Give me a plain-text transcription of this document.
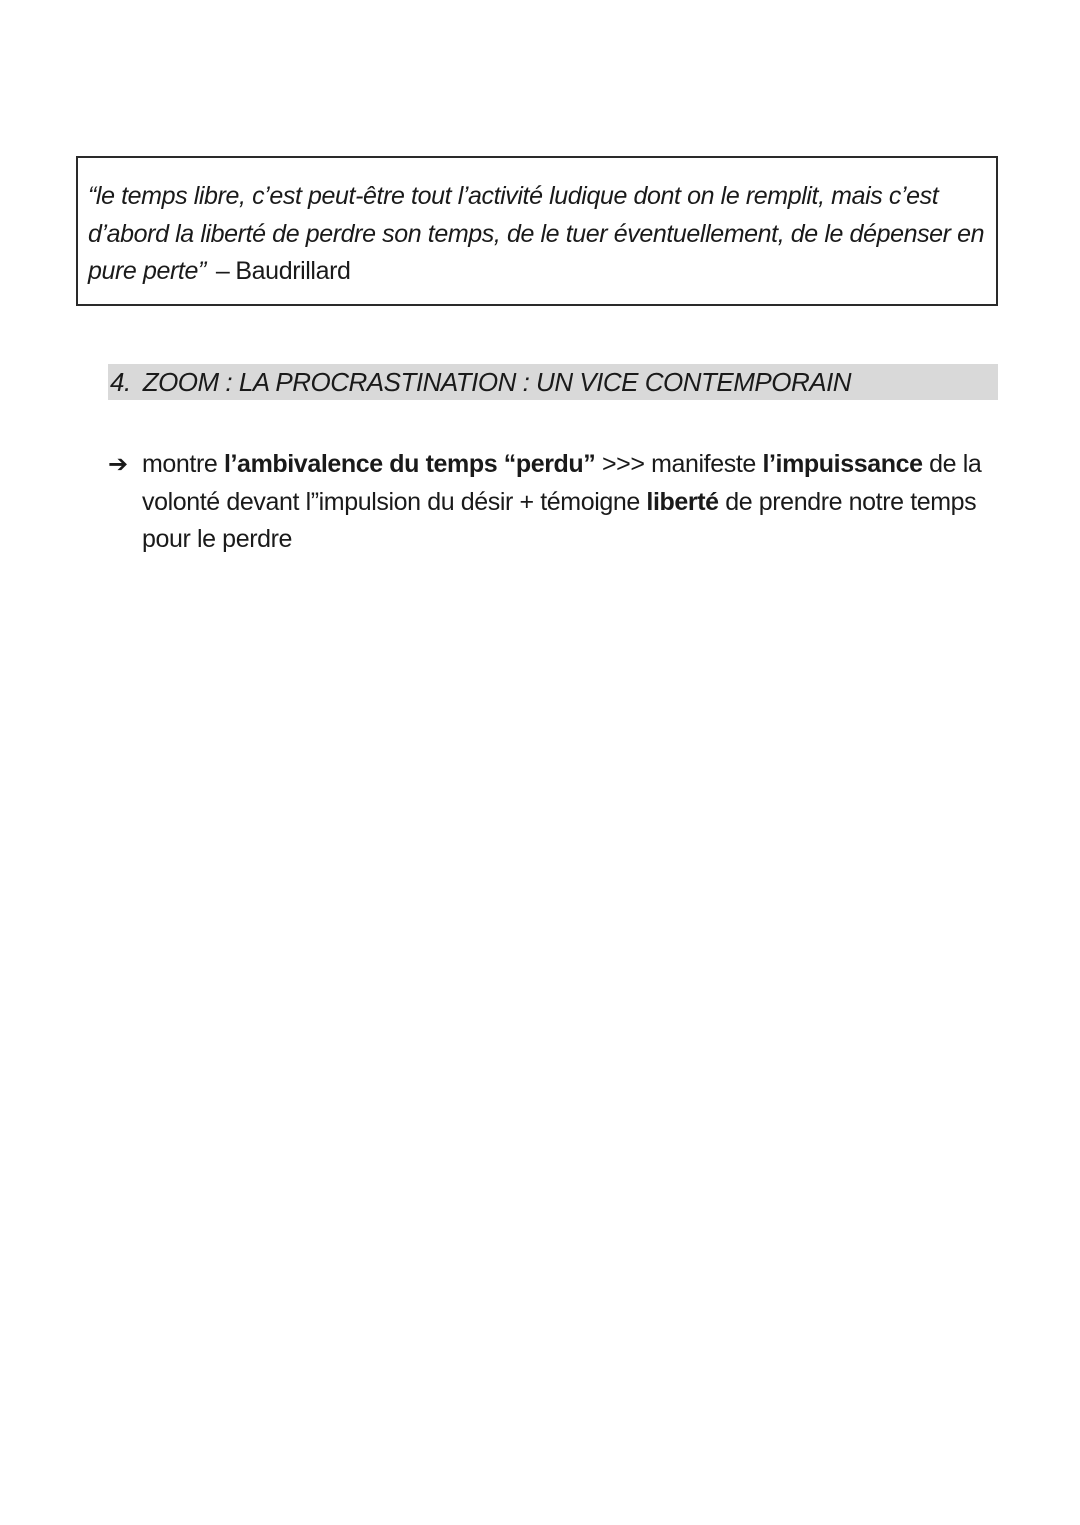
“le temps libre, c’est peut-être tout l’activité ludique dont on le remplit, mais c’est
d’abord la liberté de perdre son temps, de le tuer éventuellement, de le dépenser en
pure perte” – Baudrillard

4. ZOOM : LA PROCRASTINATION : UN VICE CONTEMPORAIN
➔ montre l’ambivalence du temps “perdu” >>> manifeste l’impuissance de la
volonté devant l”impulsion du désir + témoigne liberté de prendre notre temps
pour le perdre
